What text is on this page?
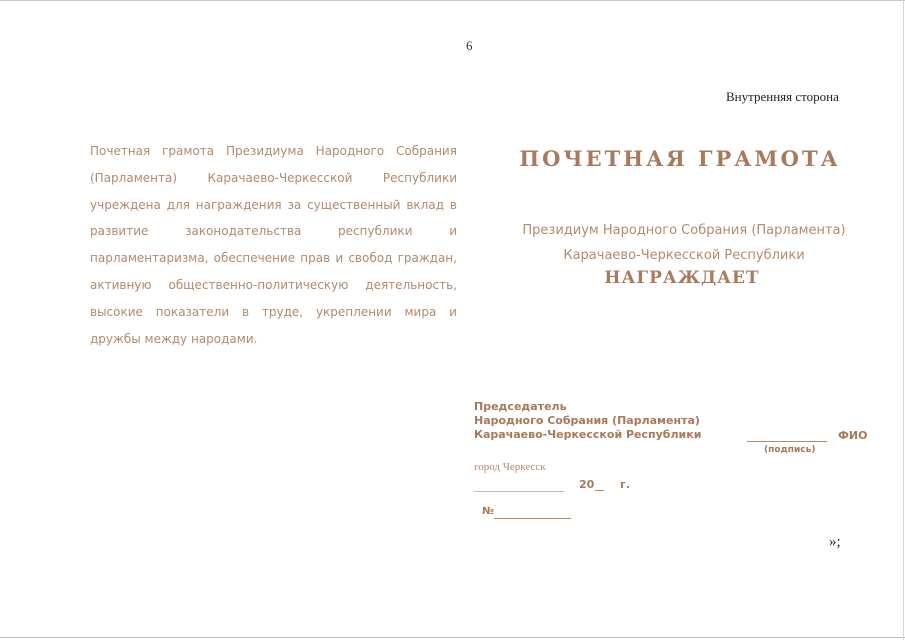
6
Внутренняя сторона
Почетная грамота Президиума Народного Собрания
(Парламента)	Карачаево-Черкесской	Республики
учреждена для награждения за существенный вклад в
развитие	законодательства	республики	и
парламентаризма, обеспечение прав и свобод граждан,
активную общественно-политическую деятельность,
высокие показатели в труде, укреплении мира и
дружбы между народами.
ПОЧЕТНАЯ ГРАМОТА
Президиум Народного Собрания (Парламента)
Карачаево-Черкесской Республики
НАГРАЖДАЕТ
Председатель
Народного Собрания (Парламента)
Карачаево-Черкесской Республики	ФИО
(подпись)
город Черкесск
20 г.
№
»;
